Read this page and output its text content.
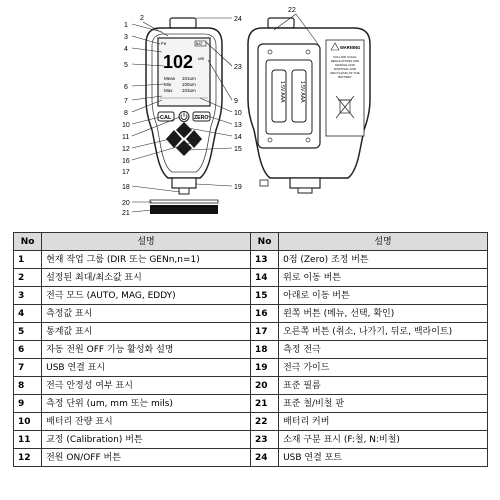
Fe	BAT
102 um
Mean 101um
Min 100um
Max 103um
CAL	ZERO
1
2
3
4
5
6
7
8
10
11
12
16
17
18
20
21
24
23
9
10
13
14
15
19
22
1.5V AAA	1.5V AAA
WARNING
FOLLOW LOCAL
REGULATIONS AND
MANUAL FOR
DISPOSAL AND
RECYCLING OF THE
BATTERY
No	설명	No	설명
1	현재 작업 그룹 (DIR 또는 GENn,n=1)	13	0점 (Zero) 조정 버튼
2	설정된 최대/최소값 표시	14	위로 이동 버튼
3	전극 모드 (AUTO, MAG, EDDY)	15	아래로 이동 버튼
4	측정값 표시	16	왼쪽 버튼 (메뉴, 선택, 확인)
5	통계값 표시	17	오른쪽 버튼 (취소, 나가기, 뒤로, 백라이트)
6	자동 전원 OFF 기능 활성화 설명	18	측정 전극
7	USB 연결 표시	19	전극 가이드
8	전극 안정성 여부 표시	20	표준 필름
9	측정 단위 (um, mm 또는 mils)	21	표준 철/비철 판
10	배터리 잔량 표시	22	배터리 커버
11	교정 (Calibration) 버튼	23	소재 구분 표시 (F:철, N:비철)
12	전원 ON/OFF 버튼	24	USB 연결 포트
